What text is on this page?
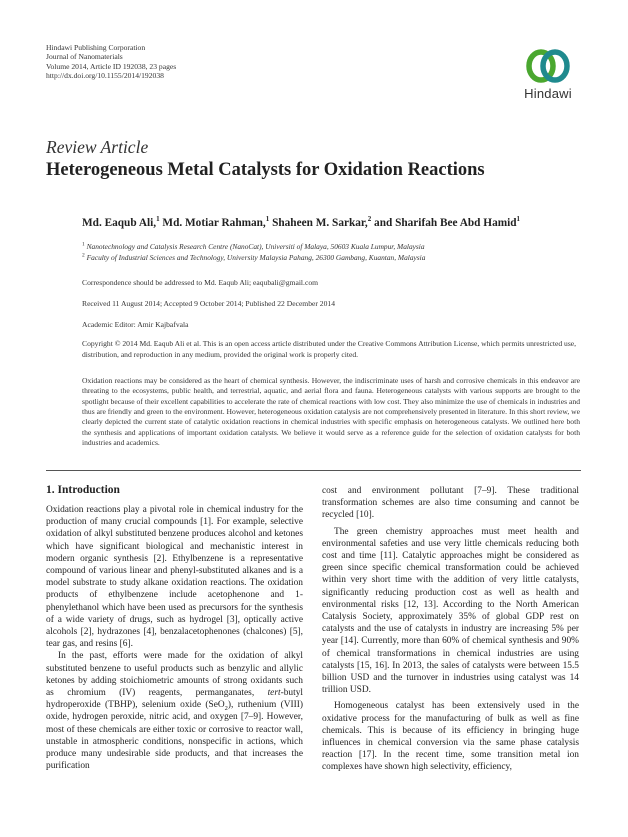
Hindawi Publishing Corporation
Journal of Nanomaterials
Volume 2014, Article ID 192038, 23 pages
http://dx.doi.org/10.1155/2014/192038
Hindawi
Review Article
Heterogeneous Metal Catalysts for Oxidation Reactions
Md. Eaqub Ali,$^1$ Md. Motiar Rahman,$^1$ Shaheen M. Sarkar,$^2$ and Sharifah Bee Abd Hamid$^1$
$^1$ Nanotechnology and Catalysis Research Centre (NanoCat), Universiti of Malaya, 50603 Kuala Lumpur, Malaysia
$^2$ Faculty of Industrial Sciences and Technology, University Malaysia Pahang, 26300 Gambang, Kuantan, Malaysia
Correspondence should be addressed to Md. Eaqub Ali; eaqubali@gmail.com
Received 11 August 2014; Accepted 9 October 2014; Published 22 December 2014
Academic Editor: Amir Kajbafvala
Copyright © 2014 Md. Eaqub Ali et al. This is an open access article distributed under the Creative Commons Attribution License, which permits unrestricted use, distribution, and reproduction in any medium, provided the original work is properly cited.
Oxidation reactions may be considered as the heart of chemical synthesis. However, the indiscriminate uses of harsh and corrosive chemicals in this endeavor are threating to the ecosystems, public health, and terrestrial, aquatic, and aerial flora and fauna. Heterogeneous catalysts with various supports are brought to the spotlight because of their excellent capabilities to accelerate the rate of chemical reactions with low cost. They also minimize the use of chemicals in industries and thus are friendly and green to the environment. However, heterogeneous oxidation catalysis are not comprehensively presented in literature. In this short review, we clearly depicted the current state of catalytic oxidation reactions in chemical industries with specific emphasis on heterogeneous catalysts. We outlined here both the synthesis and applications of important oxidation catalysts. We believe it would serve as a reference guide for the selection of oxidation catalysts for both industries and academics.
1. Introduction

Oxidation reactions play a pivotal role in chemical industry for the production of many crucial compounds [1]. For example, selective oxidation of alkyl substituted benzene produces alcohol and ketones which have significant biological and mechanistic interest in modern organic synthesis [2]. Ethylbenzene is a representative compound of various linear and phenyl-substituted alkanes and is a model substrate to study alkane oxidation reactions. The oxidation products of ethylbenzene include acetophenone and 1-phenylethanol which have been used as precursors for the synthesis of a wide variety of drugs, such as hydrogel [3], optically active alcohols [2], hydrazones [4], benzalacetophenones (chalcones) [5], tear gas, and resins [6].

In the past, efforts were made for the oxidation of alkyl substituted benzene to useful products such as benzylic and allylic ketones by adding stoichiometric amounts of strong oxidants such as chromium (IV) reagents, permanganates, tert-butyl hydroperoxide (TBHP), selenium oxide (SeO$_2$), ruthenium (VIII) oxide, hydrogen peroxide, nitric acid, and oxygen [7–9]. However, most of these chemicals are either toxic or corrosive to reactor wall, unstable in atmospheric conditions, nonspecific in actions, which produce many undesirable side products, and that increases the purification

cost and environment pollutant [7–9]. These traditional transformation schemes are also time consuming and cannot be recycled [10].

The green chemistry approaches must meet health and environmental safeties and use very little chemicals reducing both cost and time [11]. Catalytic approaches might be considered as green since specific chemical transformation could be achieved within very short time with the addition of very little catalysts, significantly reducing production cost as well as health and environmental risks [12, 13]. According to the North American Catalysis Society, approximately 35% of global GDP rest on catalysts and the use of catalysts in industry are increasing 5% per year [14]. Currently, more than 60% of chemical synthesis and 90% of chemical transformations in chemical industries are using catalysts [15, 16]. In 2013, the sales of catalysts were between 15.5 billion USD and the turnover in industries using catalyst was 14 trillion USD.

Homogeneous catalyst has been extensively used in the oxidative process for the manufacturing of bulk as well as fine chemicals. This is because of its efficiency in bringing huge influences in chemical conversion via the same phase catalysis reaction [17]. In the recent time, some transition metal ion complexes have shown high selectivity, efficiency,
